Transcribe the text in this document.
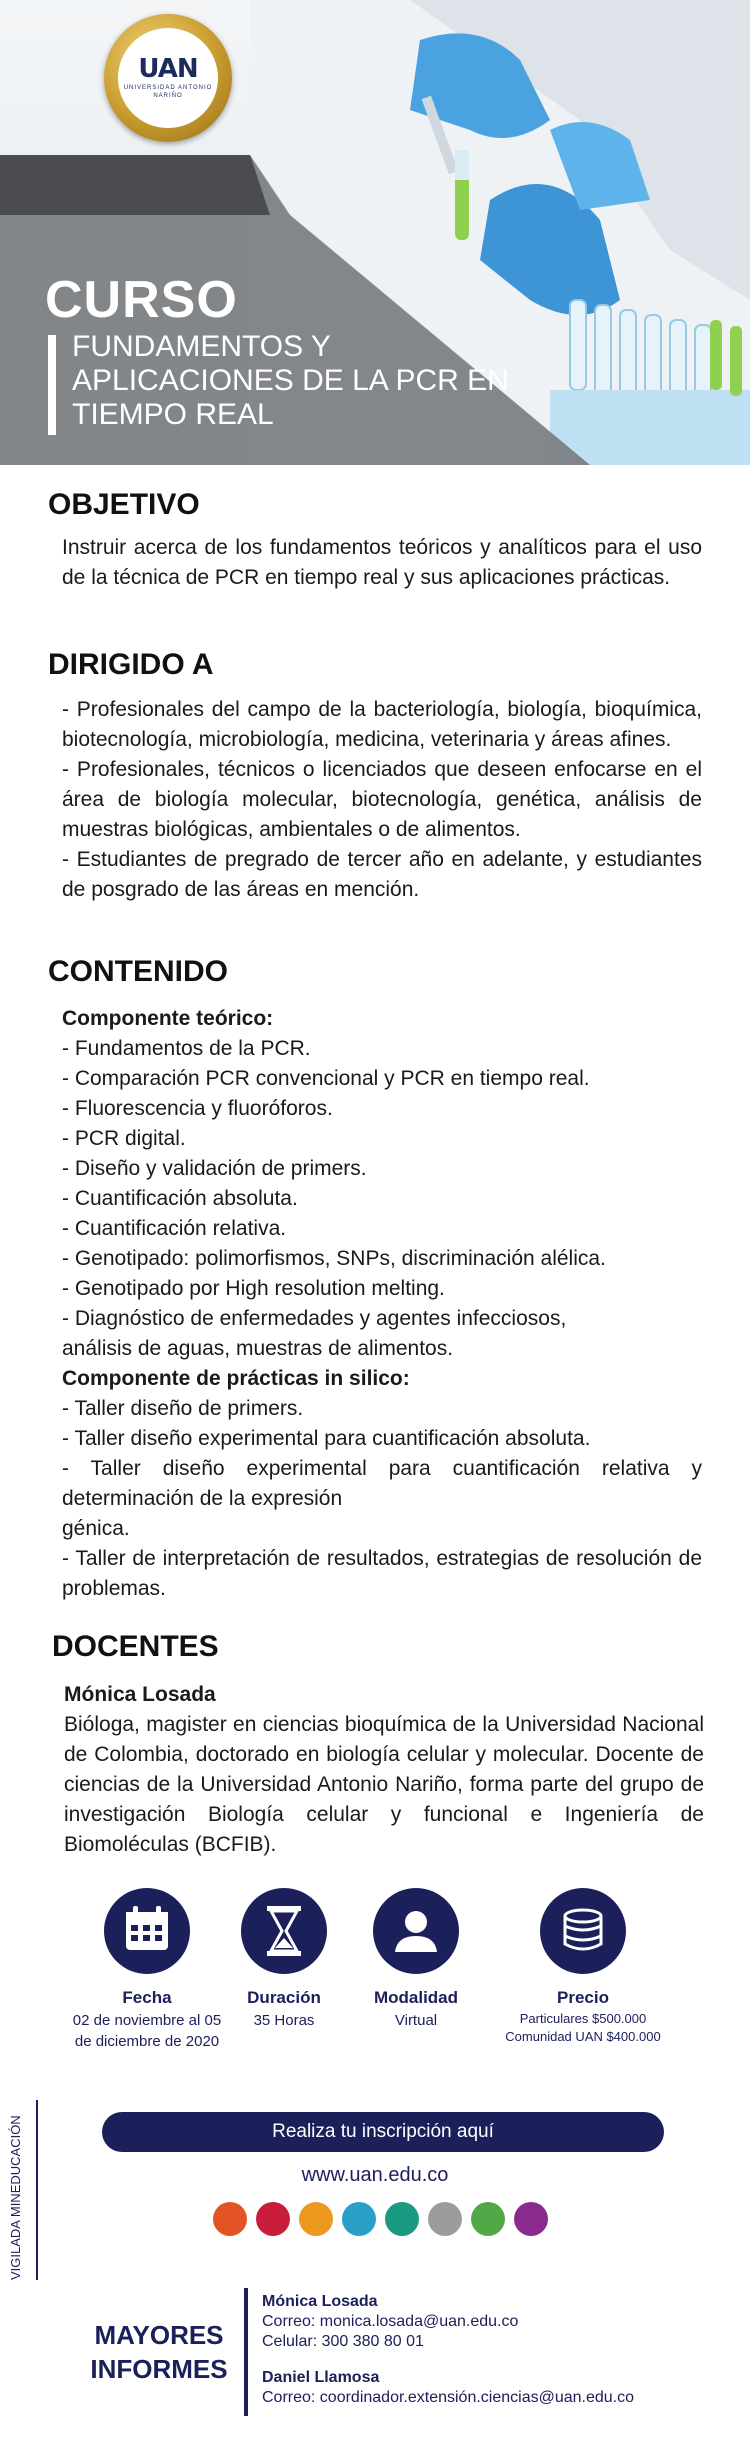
UAN
UNIVERSIDAD ANTONIO NARIÑO
CURSO
FUNDAMENTOS Y APLICACIONES DE LA PCR EN TIEMPO REAL
OBJETIVO

Instruir acerca de los fundamentos teóricos y analíticos para el uso de la técnica de PCR en tiempo real y sus aplicaciones prácticas.

DIRIGIDO A

- Profesionales del campo de la bacteriología, biología, bioquímica, biotecnología, microbiología, medicina, veterinaria y áreas afines.

- Profesionales, técnicos o licenciados que deseen enfocarse en el área de biología molecular, biotecnología, genética, análisis de muestras biológicas, ambientales o de alimentos.

- Estudiantes de pregrado de tercer año en adelante, y estudiantes de posgrado de las áreas en mención.

CONTENIDO
Componente teórico:
- Fundamentos de la PCR.
- Comparación PCR convencional y PCR en tiempo real.
- Fluorescencia y fluoróforos.
- PCR digital.
- Diseño y validación de primers.
- Cuantificación absoluta.
- Cuantificación relativa.
- Genotipado: polimorfismos, SNPs, discriminación alélica.
- Genotipado por High resolution melting.
- Diagnóstico de enfermedades y agentes infecciosos,
análisis de aguas, muestras de alimentos.
Componente de prácticas in silico:
- Taller diseño de primers.
- Taller diseño experimental para cuantificación absoluta.
- Taller diseño experimental para cuantificación relativa y determinación de la expresión
génica.
- Taller de interpretación de resultados, estrategias de resolución de problemas.
DOCENTES

Mónica Losada

Bióloga, magister en ciencias bioquímica de la Universidad Nacional de Colombia, doctorado en biología celular y molecular. Docente de ciencias de la Universidad Antonio Nariño, forma parte del grupo de investigación Biología celular y funcional e Ingeniería de Biomoléculas (BCFIB).

Fecha
02 de noviembre al 05 de diciembre de 2020
Duración
35 Horas
Modalidad
Virtual
Precio
Particulares $500.000
Comunidad UAN $400.000
Realiza tu inscripción aquí
www.uan.edu.co
VIGILADA MINEDUCACIÓN
MAYORES INFORMES
Mónica Losada
Correo: monica.losada@uan.edu.co
Celular: 300 380 80 01
Daniel Llamosa
Correo: coordinador.extensión.ciencias@uan.edu.co
